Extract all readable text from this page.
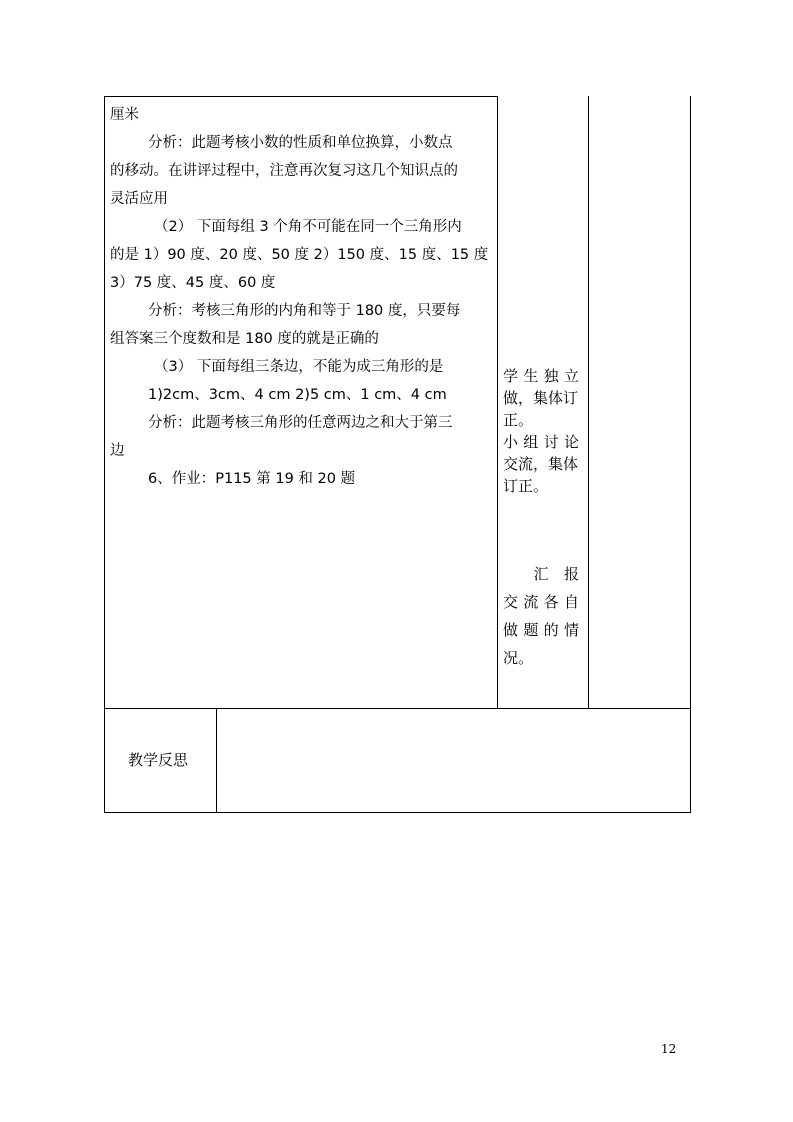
厘米

分析：此题考核小数的性质和单位换算，小数点

的移动。在讲评过程中，注意再次复习这几个知识点的

灵活应用

（2） 下面每组 3 个角不可能在同一个三角形内

的是 1）90 度、20 度、50 度 2）150 度、15 度、15 度

3）75 度、45 度、60 度

分析：考核三角形的内角和等于 180 度，只要每

组答案三个度数和是 180 度的就是正确的

（3） 下面每组三条边，不能为成三角形的是

1)2cm、3cm、4 cm 2)5 cm、1 cm、4 cm

分析：此题考核三角形的任意两边之和大于第三

边

6、作业：P115 第 19 和 20 题

学 生 独 立

做，集体订

正。

小 组 讨 论

交流，集体

订正。

汇 报

交 流 各 自

做 题 的 情

况。

教学反思
12
